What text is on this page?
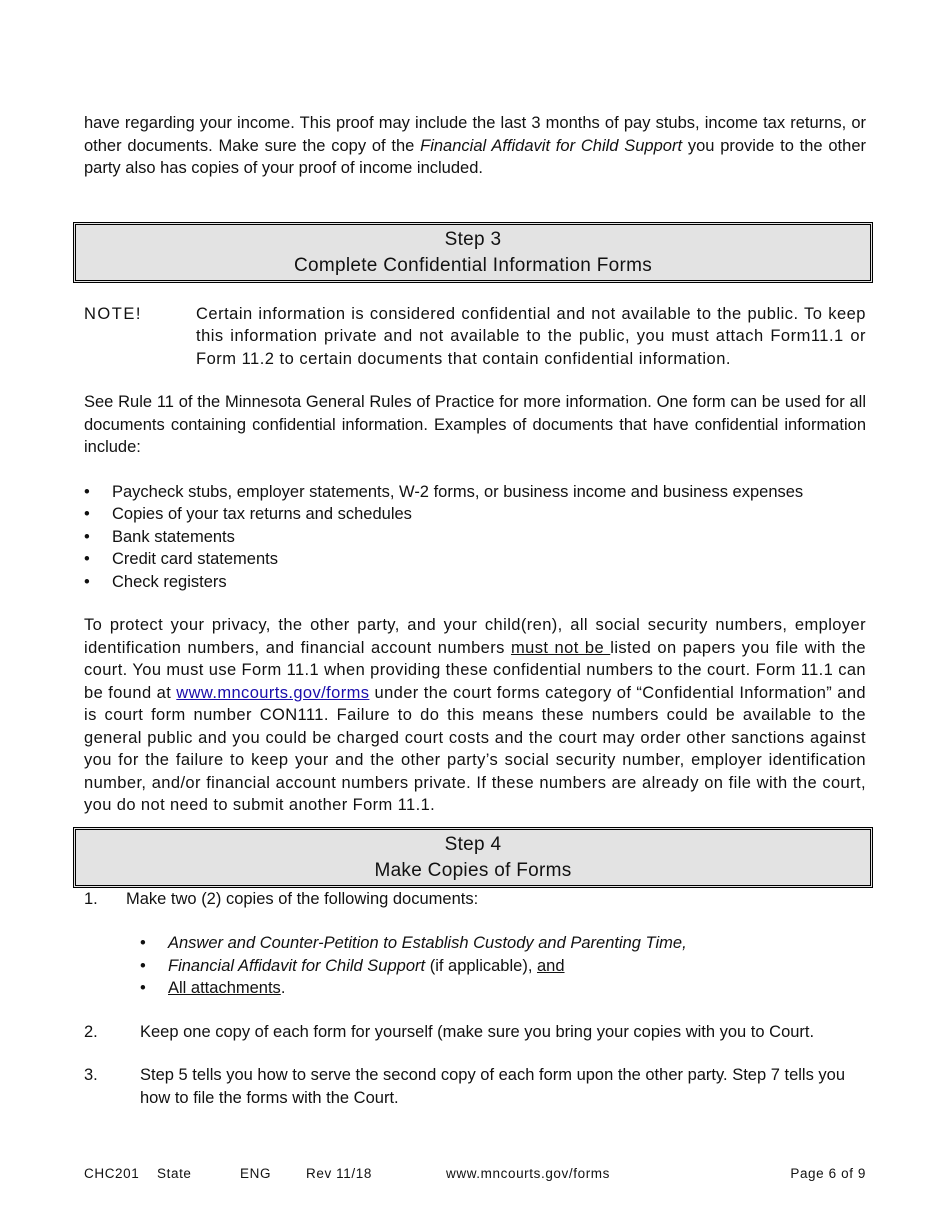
have regarding your income. This proof may include the last 3 months of pay stubs, income tax returns, or other documents. Make sure the copy of the Financial Affidavit for Child Support you provide to the other party also has copies of your proof of income included.

Step 3
Complete Confidential Information Forms
NOTE!	Certain information is considered confidential and not available to the public. To keep this information private and not available to the public, you must attach Form11.1 or Form 11.2 to certain documents that contain confidential information.

See Rule 11 of the Minnesota General Rules of Practice for more information. One form can be used for all documents containing confidential information. Examples of documents that have confidential information include:

• Paycheck stubs, employer statements, W-2 forms, or business income and business expenses
• Copies of your tax returns and schedules
• Bank statements
• Credit card statements
• Check registers

To protect your privacy, the other party, and your child(ren), all social security numbers, employer identification numbers, and financial account numbers must not be listed on papers you file with the court. You must use Form 11.1 when providing these confidential numbers to the court. Form 11.1 can be found at www.mncourts.gov/forms under the court forms category of “Confidential Information” and is court form number CON111. Failure to do this means these numbers could be available to the general public and you could be charged court costs and the court may order other sanctions against you for the failure to keep your and the other party’s social security number, employer identification number, and/or financial account numbers private. If these numbers are already on file with the court, you do not need to submit another Form 11.1.

Step 4
Make Copies of Forms
1.	Make two (2) copies of the following documents:
• Answer and Counter-Petition to Establish Custody and Parenting Time,
• Financial Affidavit for Child Support (if applicable), and
• All attachments.
2.	Keep one copy of each form for yourself (make sure you bring your copies with you to Court.
3.	Step 5 tells you how to serve the second copy of each form upon the other party. Step 7 tells you how to file the forms with the Court.
CHC201 State	ENG	Rev 11/18	www.mncourts.gov/forms	Page 6 of 9
